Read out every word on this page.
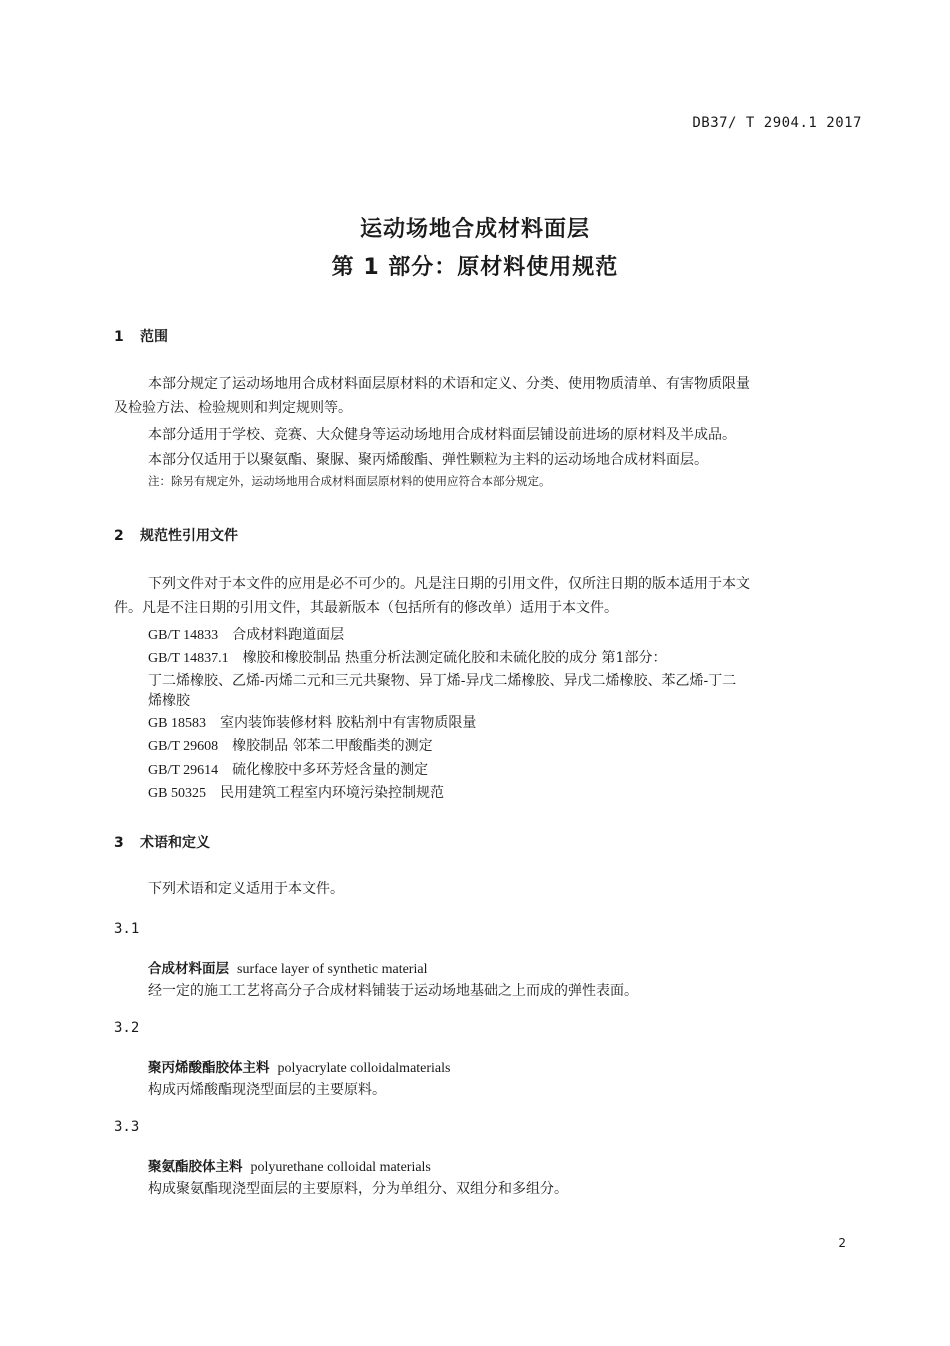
DB37/ T 2904.1 2017
运动场地合成材料面层
第 1 部分：原材料使用规范
1 范围
本部分规定了运动场地用合成材料面层原材料的术语和定义、分类、使用物质清单、有害物质限量
及检验方法、检验规则和判定规则等。
本部分适用于学校、竞赛、大众健身等运动场地用合成材料面层铺设前进场的原材料及半成品。
本部分仅适用于以聚氨酯、聚脲、聚丙烯酸酯、弹性颗粒为主料的运动场地合成材料面层。
注：除另有规定外，运动场地用合成材料面层原材料的使用应符合本部分规定。
2 规范性引用文件
下列文件对于本文件的应用是必不可少的。凡是注日期的引用文件，仅所注日期的版本适用于本文
件。凡是不注日期的引用文件，其最新版本（包括所有的修改单）适用于本文件。
GB/T 14833 合成材料跑道面层
GB/T 14837.1 橡胶和橡胶制品 热重分析法测定硫化胶和未硫化胶的成分 第1部分：
丁二烯橡胶、乙烯-丙烯二元和三元共聚物、异丁烯-异戊二烯橡胶、异戊二烯橡胶、苯乙烯-丁二
烯橡胶
GB 18583 室内装饰装修材料 胶粘剂中有害物质限量
GB/T 29608 橡胶制品 邻苯二甲酸酯类的测定
GB/T 29614 硫化橡胶中多环芳烃含量的测定
GB 50325 民用建筑工程室内环境污染控制规范
3 术语和定义
下列术语和定义适用于本文件。
3.1
合成材料面层 surface layer of synthetic material
经一定的施工工艺将高分子合成材料铺装于运动场地基础之上而成的弹性表面。
3.2
聚丙烯酸酯胶体主料 polyacrylate colloidalmaterials
构成丙烯酸酯现浇型面层的主要原料。
3.3
聚氨酯胶体主料 polyurethane colloidal materials
构成聚氨酯现浇型面层的主要原料，分为单组分、双组分和多组分。
2
